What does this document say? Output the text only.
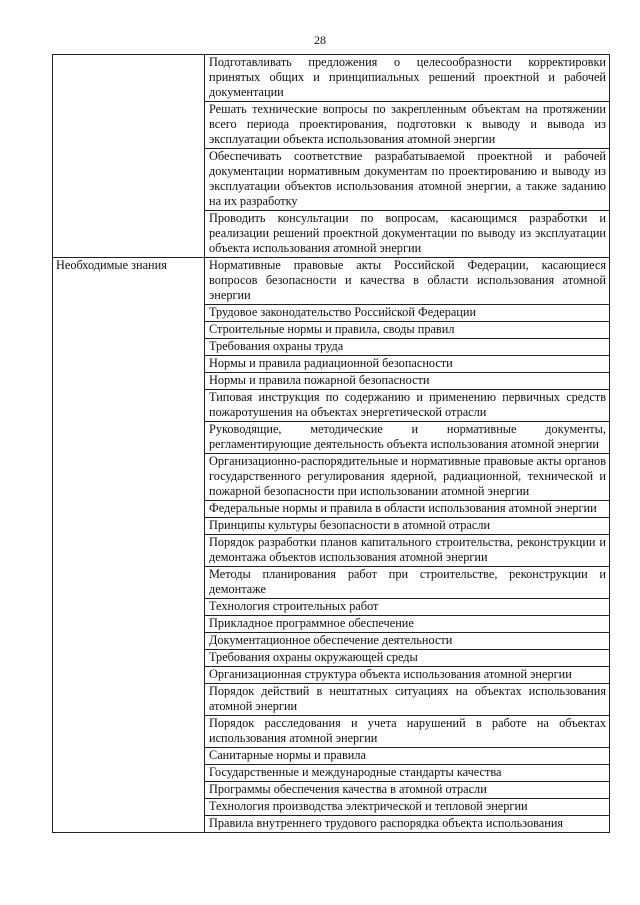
28
	Подготавливать предложения о целесообразности корректировки принятых общих и принципиальных решений проектной и рабочей документации
	Решать технические вопросы по закрепленным объектам на протяжении всего периода проектирования, подготовки к выводу и вывода из эксплуатации объекта использования атомной энергии
	Обеспечивать соответствие разрабатываемой проектной и рабочей документации нормативным документам по проектированию и выводу из эксплуатации объектов использования атомной энергии, а также заданию на их разработку
	Проводить консультации по вопросам, касающимся разработки и реализации решений проектной документации по выводу из эксплуатации объекта использования атомной энергии
Необходимые знания	Нормативные правовые акты Российской Федерации, касающиеся вопросов безопасности и качества в области использования атомной энергии
	Трудовое законодательство Российской Федерации
	Строительные нормы и правила, своды правил
	Требования охраны труда
	Нормы и правила радиационной безопасности
	Нормы и правила пожарной безопасности
	Типовая инструкция по содержанию и применению первичных средств пожаротушения на объектах энергетической отрасли
	Руководящие, методические и нормативные документы, регламентирующие деятельность объекта использования атомной энергии
	Организационно-распорядительные и нормативные правовые акты органов государственного регулирования ядерной, радиационной, технической и пожарной безопасности при использовании атомной энергии
	Федеральные нормы и правила в области использования атомной энергии
	Принципы культуры безопасности в атомной отрасли
	Порядок разработки планов капитального строительства, реконструкции и демонтажа объектов использования атомной энергии
	Методы планирования работ при строительстве, реконструкции и демонтаже
	Технология строительных работ
	Прикладное программное обеспечение
	Документационное обеспечение деятельности
	Требования охраны окружающей среды
	Организационная структура объекта использования атомной энергии
	Порядок действий в нештатных ситуациях на объектах использования атомной энергии
	Порядок расследования и учета нарушений в работе на объектах использования атомной энергии
	Санитарные нормы и правила
	Государственные и международные стандарты качества
	Программы обеспечения качества в атомной отрасли
	Технология производства электрической и тепловой энергии
	Правила внутреннего трудового распорядка объекта использования
